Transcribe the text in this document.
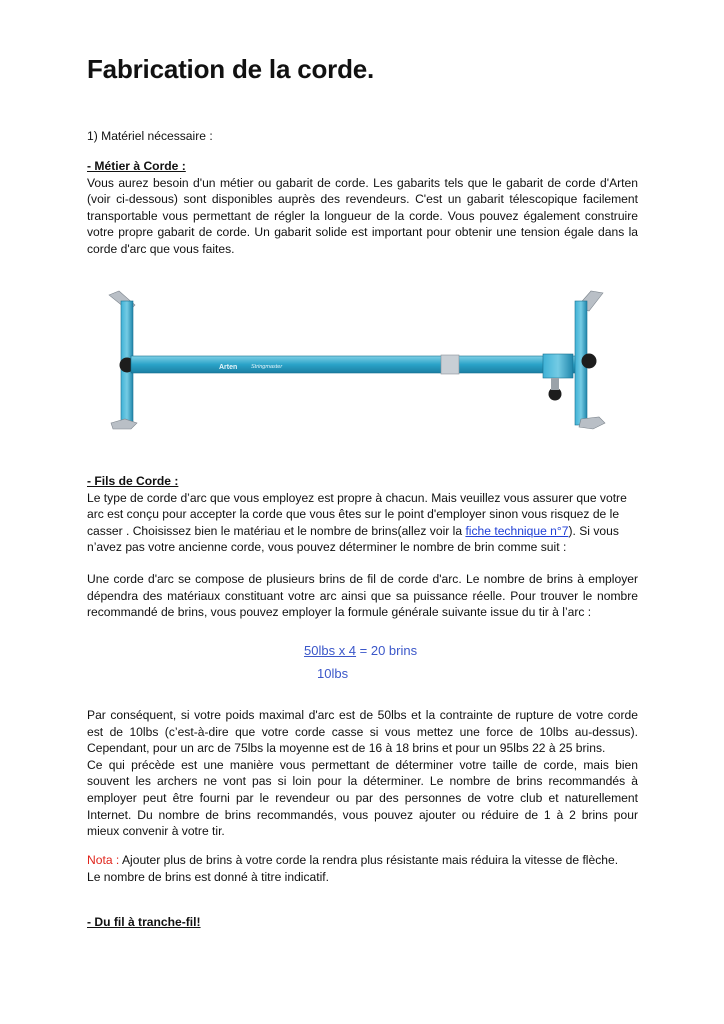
Fabrication de la corde.
1) Matériel nécessaire :
- Métier à Corde :
Vous aurez besoin d'un métier ou gabarit de corde. Les gabarits tels que le gabarit de corde d'Arten
(voir ci-dessous) sont disponibles auprès des revendeurs. C'est un gabarit télescopique facilement
transportable vous permettant de régler la longueur de la corde. Vous pouvez également construire
votre propre gabarit de corde. Un gabarit solide est important pour obtenir une tension égale dans la
corde d'arc que vous faites.
- Fils de Corde :
Le type de corde d’arc que vous employez est propre à chacun. Mais veuillez vous assurer que votre
arc est conçu pour accepter la corde que vous êtes sur le point d'employer sinon vous risquez de le
casser . Choisissez bien le matériau et le nombre de brins(allez voir la fiche technique n°7). Si vous
n’avez pas votre ancienne corde, vous pouvez déterminer le nombre de brin comme suit :
Une corde d'arc se compose de plusieurs brins de fil de corde d'arc. Le nombre de brins à employer
dépendra des matériaux constituant votre arc ainsi que sa puissance réelle. Pour trouver le nombre
recommandé de brins, vous pouvez employer la formule générale suivante issue du tir à l’arc :
50lbs x 4 = 20 brins
10lbs
Par conséquent, si votre poids maximal d'arc est de 50lbs et la contrainte de rupture de votre corde
est de 10lbs (c’est-à-dire que votre corde casse si vous mettez une force de 10lbs au-dessus).
Cependant, pour un arc de 75lbs la moyenne est de 16 à 18 brins et pour un 95lbs 22 à 25 brins.
Ce qui précède est une manière vous permettant de déterminer votre taille de corde, mais bien
souvent les archers ne vont pas si loin pour la déterminer. Le nombre de brins recommandés à
employer peut être fourni par le revendeur ou par des personnes de votre club et naturellement
Internet. Du nombre de brins recommandés, vous pouvez ajouter ou réduire de 1 à 2 brins pour
mieux convenir à votre tir.
Nota : Ajouter plus de brins à votre corde la rendra plus résistante mais réduira la vitesse de flèche.
Le nombre de brins est donné à titre indicatif.
- Du fil à tranche-fil!
Arten Stringmaster
